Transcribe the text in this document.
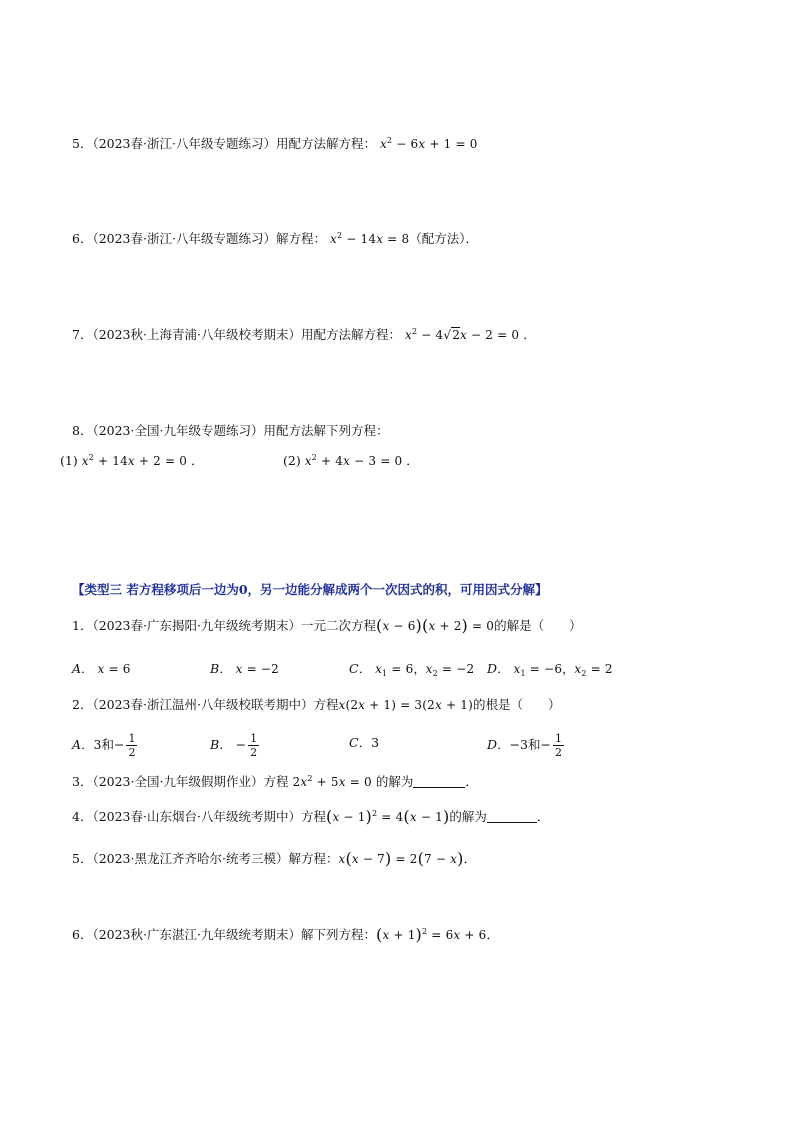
5．（2023春·浙江·八年级专题练习）用配方法解方程： $x^2 - 6x + 1 = 0$
6．（2023春·浙江·八年级专题练习）解方程： $x^2 - 14x = 8$（配方法）．
7．（2023秋·上海青浦·八年级校考期末）用配方法解方程： $x^2 - 4√2x - 2 = 0$ ．
8．（2023·全国·九年级专题练习）用配方法解下列方程：
(1) $x^2 + 14x + 2 = 0$ ．	(2) $x^2 + 4x - 3 = 0$ ．
【类型三 若方程移项后一边为0，另一边能分解成两个一次因式的积，可用因式分解】
1．（2023春·广东揭阳·九年级统考期末）一元二次方程(x − 6)(x + 2) = 0的解是（　　）
A． x = 6	B． x = −2	C． $x_1 = 6$，$x_2 = -2$ D． $x_1 = -6$，$x_2 = 2$
2．（2023春·浙江温州·八年级校联考期中）方程x(2x + 1) = 3(2x + 1)的根是（　　）
A．3和− $\frac{1}{2}$	B． − $\frac{1}{2}$	C．3	D．−3和− $\frac{1}{2}$
3．（2023·全国·九年级假期作业）方程 $2x^2 + 5x = 0$ 的解为	．
4．（2023春·山东烟台·八年级统考期中）方程$(x - 1)^2 = 4(x - 1)$的解为	．
5．（2023·黑龙江齐齐哈尔·统考三模）解方程：x(x − 7) = 2(7 − x)．
6．（2023秋·广东湛江·九年级统考期末）解下列方程：$(x + 1)^2 = 6x + 6$．
